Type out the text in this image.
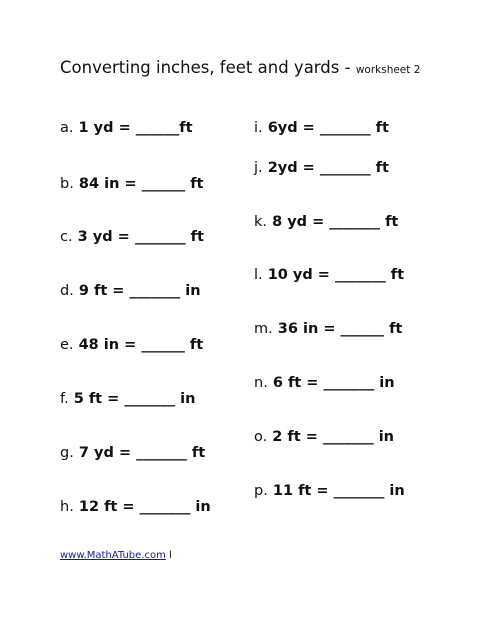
Converting inches, feet and yards - worksheet 2
a. 1 yd = ______ft
b. 84 in = ______ ft
c. 3 yd = _______ ft
d. 9 ft = _______ in
e. 48 in = ______ ft
f. 5 ft = _______ in
g. 7 yd = _______ ft
h. 12 ft = _______ in
i. 6yd = _______ ft
j. 2yd = _______ ft
k. 8 yd = _______ ft
l. 10 yd = _______ ft
m. 36 in = ______ ft
n. 6 ft = _______ in
o. 2 ft = _______ in
p. 11 ft = _______ in
www.MathATube.com l
